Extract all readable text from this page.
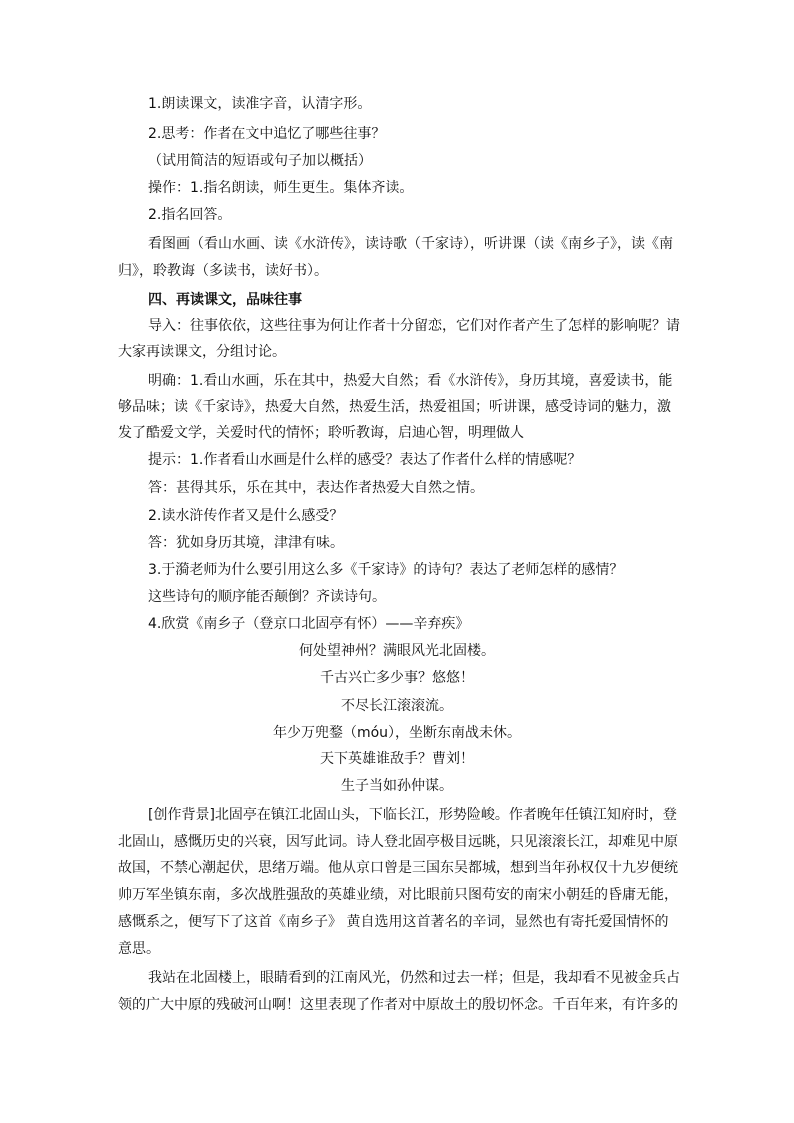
1.朗读课文，读准字音，认清字形。

2.思考：作者在文中追忆了哪些往事？

（试用简洁的短语或句子加以概括）

操作：1.指名朗读，师生更生。集体齐读。

2.指名回答。

看图画（看山水画、读《水浒传》，读诗歌（千家诗），听讲课（读《南乡子》，读《南

归》，聆教诲（多读书，读好书）。

四、再读课文，品味往事

导入：往事依依，这些往事为何让作者十分留恋，它们对作者产生了怎样的影响呢？请

大家再读课文，分组讨论。

明确：1.看山水画，乐在其中，热爱大自然；看《水浒传》，身历其境，喜爱读书，能

够品味；读《千家诗》，热爱大自然，热爱生活，热爱祖国；听讲课，感受诗词的魅力，激

发了酷爱文学，关爱时代的情怀；聆听教诲，启迪心智，明理做人

提示：1.作者看山水画是什么样的感受？表达了作者什么样的情感呢？

答：甚得其乐，乐在其中，表达作者热爱大自然之情。

2.读水浒传作者又是什么感受？

答：犹如身历其境，津津有味。

3.于漪老师为什么要引用这么多《千家诗》的诗句？表达了老师怎样的感情？

这些诗句的顺序能否颠倒？齐读诗句。

4.欣赏《南乡子（登京口北固亭有怀）——辛弃疾》

何处望神州？满眼风光北固楼。

千古兴亡多少事？悠悠！

不尽长江滚滚流。

年少万兜鍪（móu），坐断东南战未休。

天下英雄谁敌手？曹刘！

生子当如孙仲谋。

[创作背景]北固亭在镇江北固山头，下临长江，形势险峻。作者晚年任镇江知府时，登

北固山，感慨历史的兴衰，因写此词。诗人登北固亭极目远眺，只见滚滚长江，却难见中原

故国，不禁心潮起伏，思绪万端。他从京口曾是三国东吴都城，想到当年孙权仅十九岁便统

帅万军坐镇东南，多次战胜强敌的英雄业绩，对比眼前只图苟安的南宋小朝廷的昏庸无能，

感慨系之，便写下了这首《南乡子》 黄自选用这首著名的辛词，显然也有寄托爱国情怀的

意思。

我站在北固楼上，眼睛看到的江南风光，仍然和过去一样；但是，我却看不见被金兵占

领的广大中原的残破河山啊！这里表现了作者对中原故土的殷切怀念。千百年来，有许多的
